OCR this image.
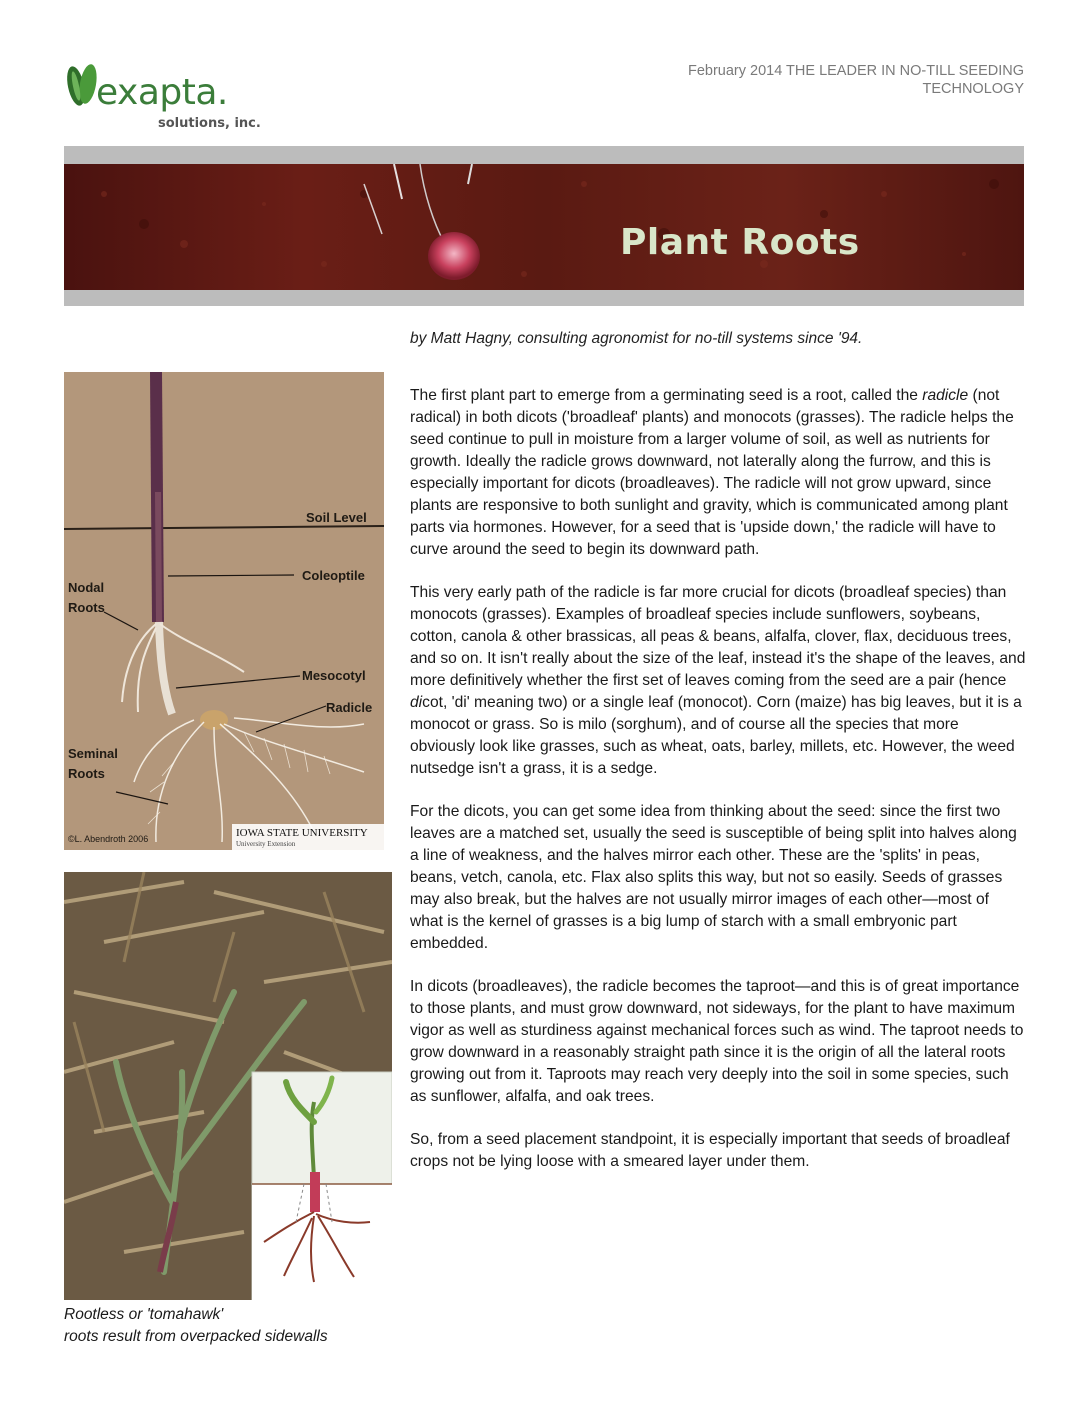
exapta.
solutions, inc.
February 2014 THE LEADER IN NO-TILL SEEDING
TECHNOLOGY
Plant Roots
by Matt Hagny, consulting agronomist for no-till systems since '94.
Soil Level
Coleoptile
Nodal
Roots
Mesocotyl
Radicle
Seminal
Roots
©L. Abendroth 2006	IOWA STATE UNIVERSITY
University Extension
Rootless or 'tomahawk'
roots result from overpacked sidewalls

The first plant part to emerge from a germinating seed is a root, called the radicle (not radical) in both dicots ('broadleaf' plants) and monocots (grasses). The radicle helps the seed continue to pull in moisture from a larger volume of soil, as well as nutrients for growth. Ideally the radicle grows downward, not laterally along the furrow, and this is especially important for dicots (broadleaves). The radicle will not grow upward, since plants are responsive to both sunlight and gravity, which is communicated among plant parts via hormones. However, for a seed that is 'upside down,' the radicle will have to curve around the seed to begin its downward path.

This very early path of the radicle is far more crucial for dicots (broadleaf species) than monocots (grasses). Examples of broadleaf species include sunflowers, soybeans, cotton, canola & other brassicas, all peas & beans, alfalfa, clover, flax, deciduous trees, and so on. It isn't really about the size of the leaf, instead it's the shape of the leaves, and more definitively whether the first set of leaves coming from the seed are a pair (hence dicot, 'di' meaning two) or a single leaf (monocot). Corn (maize) has big leaves, but it is a monocot or grass. So is milo (sorghum), and of course all the species that more obviously look like grasses, such as wheat, oats, barley, millets, etc. However, the weed nutsedge isn't a grass, it is a sedge.

For the dicots, you can get some idea from thinking about the seed: since the first two leaves are a matched set, usually the seed is susceptible of being split into halves along a line of weakness, and the halves mirror each other. These are the 'splits' in peas, beans, vetch, canola, etc. Flax also splits this way, but not so easily. Seeds of grasses may also break, but the halves are not usually mirror images of each other—most of what is the kernel of grasses is a big lump of starch with a small embryonic part embedded.

In dicots (broadleaves), the radicle becomes the taproot—and this is of great importance to those plants, and must grow downward, not sideways, for the plant to have maximum vigor as well as sturdiness against mechanical forces such as wind. The taproot needs to grow downward in a reasonably straight path since it is the origin of all the lateral roots growing out from it. Taproots may reach very deeply into the soil in some species, such as sunflower, alfalfa, and oak trees.

So, from a seed placement standpoint, it is especially important that seeds of broadleaf crops not be lying loose with a smeared layer under them.
